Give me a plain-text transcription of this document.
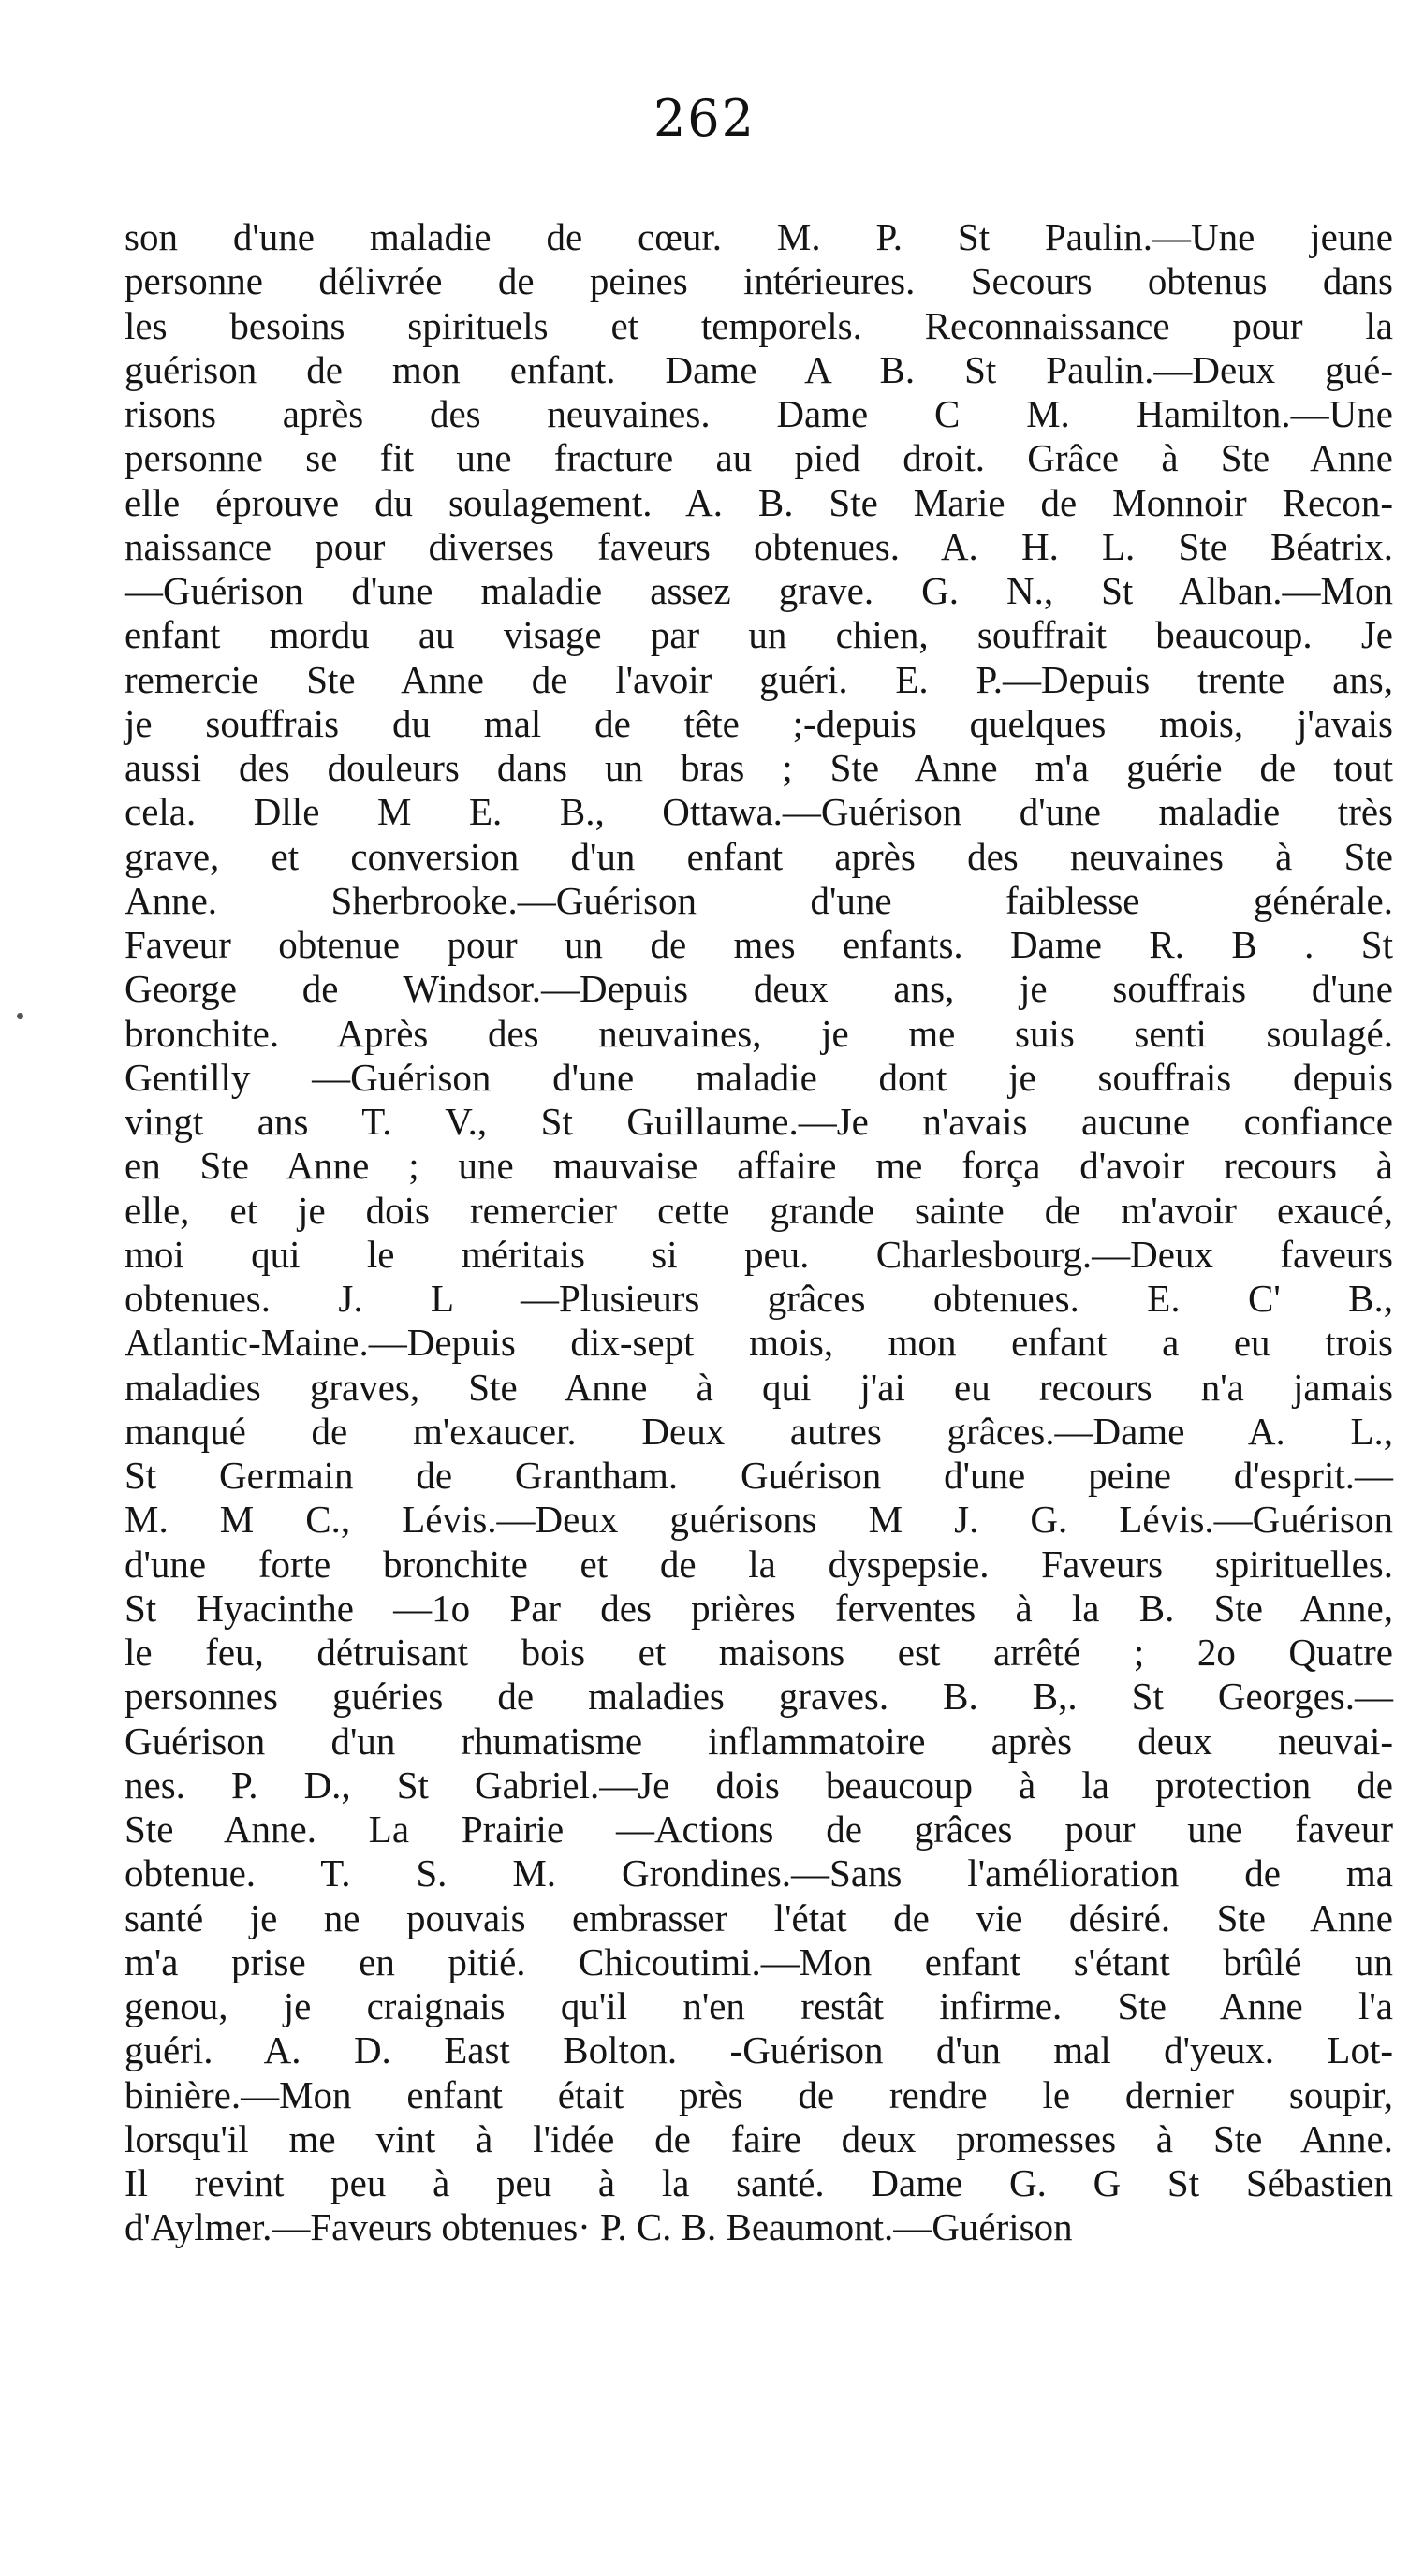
262
son d'une maladie de cœur. M. P. St Paulin.—Une jeune
personne délivrée de peines intérieures. Secours obtenus dans
les besoins spirituels et temporels. Reconnaissance pour la
guérison de mon enfant. Dame A B. St Paulin.—Deux gué-
risons après des neuvaines. Dame C M. Hamilton.—Une
personne se fit une fracture au pied droit. Grâce à Ste Anne
elle éprouve du soulagement. A. B. Ste Marie de Monnoir Recon-
naissance pour diverses faveurs obtenues. A. H. L. Ste Béatrix.
—Guérison d'une maladie assez grave. G. N., St Alban.—Mon
enfant mordu au visage par un chien, souffrait beaucoup. Je
remercie Ste Anne de l'avoir guéri. E. P.—Depuis trente ans,
je souffrais du mal de tête ;-depuis quelques mois, j'avais
aussi des douleurs dans un bras ; Ste Anne m'a guérie de tout
cela. Dlle M E. B., Ottawa.—Guérison d'une maladie très
grave, et conversion d'un enfant après des neuvaines à Ste
Anne. Sherbrooke.—Guérison d'une faiblesse générale.
Faveur obtenue pour un de mes enfants. Dame R. B . St
George de Windsor.—Depuis deux ans, je souffrais d'une
bronchite. Après des neuvaines, je me suis senti soulagé.
Gentilly —Guérison d'une maladie dont je souffrais depuis
vingt ans T. V., St Guillaume.—Je n'avais aucune confiance
en Ste Anne ; une mauvaise affaire me força d'avoir recours à
elle, et je dois remercier cette grande sainte de m'avoir exaucé,
moi qui le méritais si peu. Charlesbourg.—Deux faveurs
obtenues. J. L —Plusieurs grâces obtenues. E. C' B.,
Atlantic-Maine.—Depuis dix-sept mois, mon enfant a eu trois
maladies graves, Ste Anne à qui j'ai eu recours n'a jamais
manqué de m'exaucer. Deux autres grâces.—Dame A. L.,
St Germain de Grantham. Guérison d'une peine d'esprit.—
M. M C., Lévis.—Deux guérisons M J. G. Lévis.—Guérison
d'une forte bronchite et de la dyspepsie. Faveurs spirituelles.
St Hyacinthe —1o Par des prières ferventes à la B. Ste Anne,
le feu, détruisant bois et maisons est arrêté ; 2o Quatre
personnes guéries de maladies graves. B. B,. St Georges.—
Guérison d'un rhumatisme inflammatoire après deux neuvai-
nes. P. D., St Gabriel.—Je dois beaucoup à la protection de
Ste Anne. La Prairie —Actions de grâces pour une faveur
obtenue. T. S. M. Grondines.—Sans l'amélioration de ma
santé je ne pouvais embrasser l'état de vie désiré. Ste Anne
m'a prise en pitié. Chicoutimi.—Mon enfant s'étant brûlé un
genou, je craignais qu'il n'en restât infirme. Ste Anne l'a
guéri. A. D. East Bolton. -Guérison d'un mal d'yeux. Lot-
binière.—Mon enfant était près de rendre le dernier soupir,
lorsqu'il me vint à l'idée de faire deux promesses à Ste Anne.
Il revint peu à peu à la santé. Dame G. G St Sébastien
d'Aylmer.—Faveurs obtenues· P. C. B. Beaumont.—Guérison
